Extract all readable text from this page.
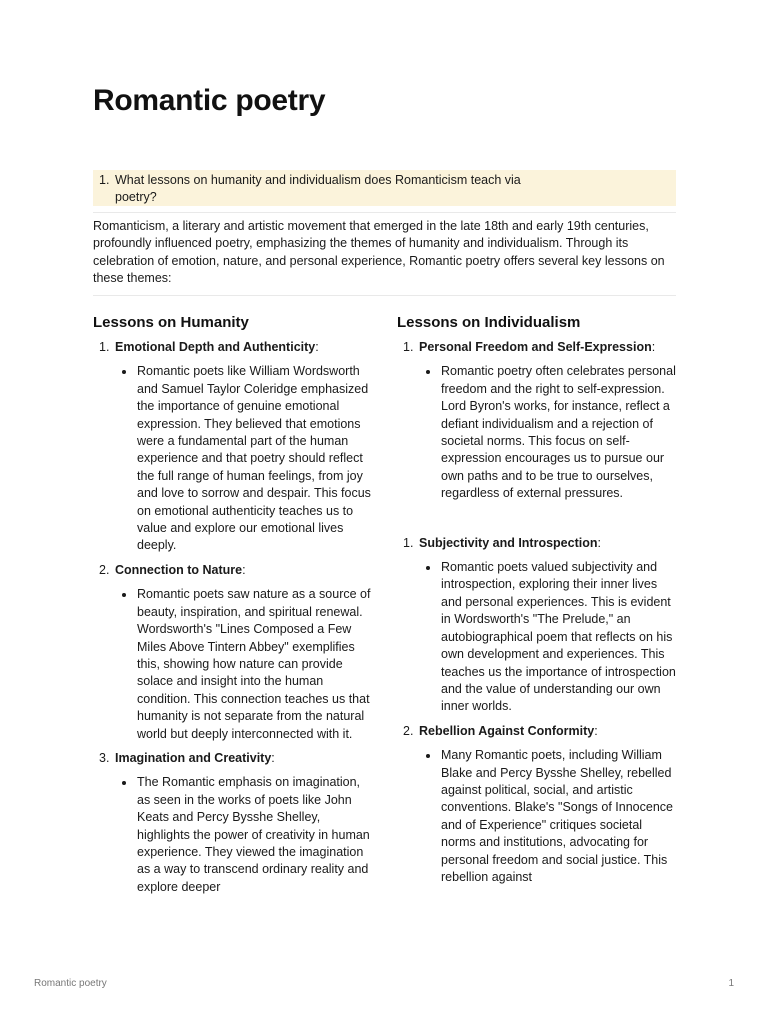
Romantic poetry
1. What lessons on humanity and individualism does Romanticism teach via poetry?

Romanticism, a literary and artistic movement that emerged in the late 18th and early 19th centuries, profoundly influenced poetry, emphasizing the themes of humanity and individualism. Through its celebration of emotion, nature, and personal experience, Romantic poetry offers several key lessons on these themes:

Lessons on Humanity
1. Emotional Depth and Authenticity:

Romantic poets like William Wordsworth and Samuel Taylor Coleridge emphasized the importance of genuine emotional expression. They believed that emotions were a fundamental part of the human experience and that poetry should reflect the full range of human feelings, from joy and love to sorrow and despair. This focus on emotional authenticity teaches us to value and explore our emotional lives deeply.

2. Connection to Nature:

Romantic poets saw nature as a source of beauty, inspiration, and spiritual renewal. Wordsworth's "Lines Composed a Few Miles Above Tintern Abbey" exemplifies this, showing how nature can provide solace and insight into the human condition. This connection teaches us that humanity is not separate from the natural world but deeply interconnected with it.

3. Imagination and Creativity:

The Romantic emphasis on imagination, as seen in the works of poets like John Keats and Percy Bysshe Shelley, highlights the power of creativity in human experience. They viewed the imagination as a way to transcend ordinary reality and explore deeper

Lessons on Individualism
1. Personal Freedom and Self-Expression:

Romantic poetry often celebrates personal freedom and the right to self-expression. Lord Byron's works, for instance, reflect a defiant individualism and a rejection of societal norms. This focus on self-expression encourages us to pursue our own paths and to be true to ourselves, regardless of external pressures.

1. Subjectivity and Introspection:

Romantic poets valued subjectivity and introspection, exploring their inner lives and personal experiences. This is evident in Wordsworth's "The Prelude," an autobiographical poem that reflects on his own development and experiences. This teaches us the importance of introspection and the value of understanding our own inner worlds.

2. Rebellion Against Conformity:

Many Romantic poets, including William Blake and Percy Bysshe Shelley, rebelled against political, social, and artistic conventions. Blake's "Songs of Innocence and of Experience" critiques societal norms and institutions, advocating for personal freedom and social justice. This rebellion against

Romantic poetry	1
